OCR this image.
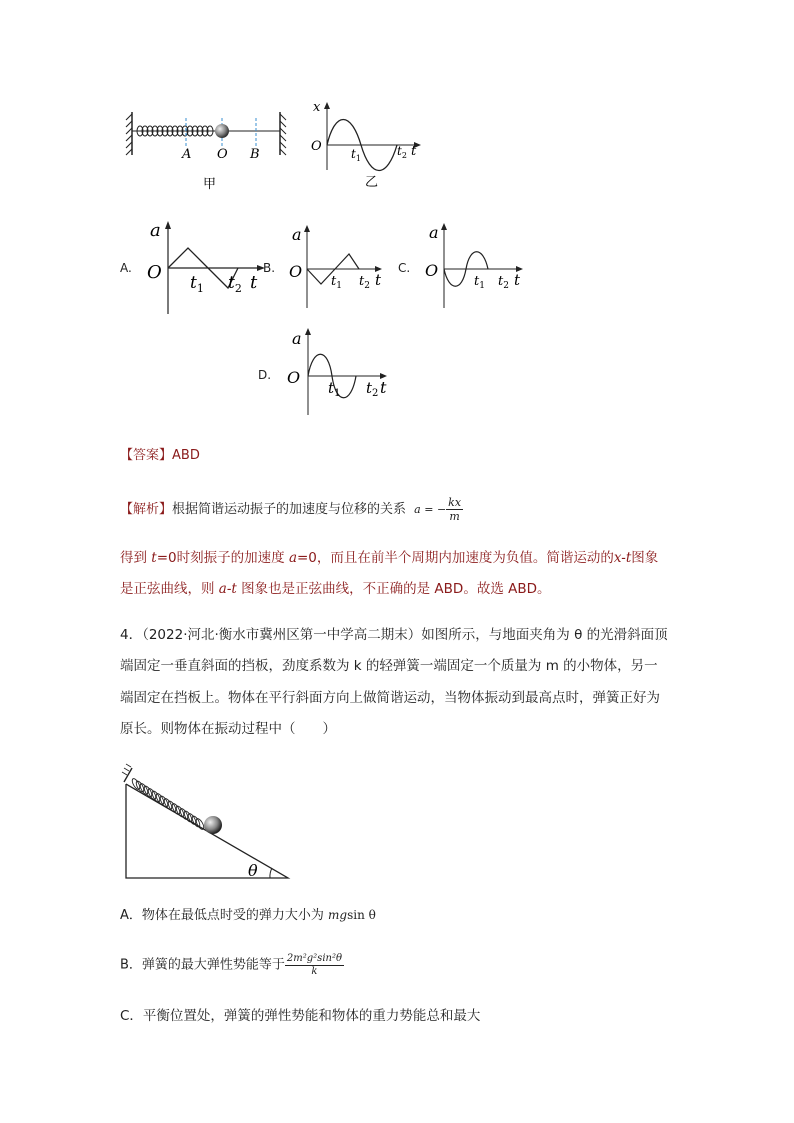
A O B
甲
x
O $t_1$
$t_2$ t
乙
A.
a
O $t_1$ $t_2$ t
B.
a
O
$t_1$ $t_2$ t
C.
a
O
$t_1$ $t_2$ t
D.
a
O
$t_1$ $t_2$ t
【答案】ABD
【解析】根据简谐运动振子的加速度与位移的关系 a = − $\frac{kx}{m}$
得到 t=0时刻振子的加速度 a=0，而且在前半个周期内加速度为负值。简谐运动的x-t图象
是正弦曲线，则 a-t 图象也是正弦曲线，不正确的是 ABD。故选 ABD。
4．（2022·河北·衡水市冀州区第一中学高二期末）如图所示，与地面夹角为 θ 的光滑斜面顶
端固定一垂直斜面的挡板，劲度系数为 k 的轻弹簧一端固定一个质量为 m 的小物体，另一
端固定在挡板上。物体在平行斜面方向上做简谐运动，当物体振动到最高点时，弹簧正好为
原长。则物体在振动过程中（　　）
θ
A．物体在最低点时受的弹力大小为 mgsin θ
B．弹簧的最大弹性势能等于 $\frac{\text{2m²g²sin²θ}}{k}$
C．平衡位置处，弹簧的弹性势能和物体的重力势能总和最大
